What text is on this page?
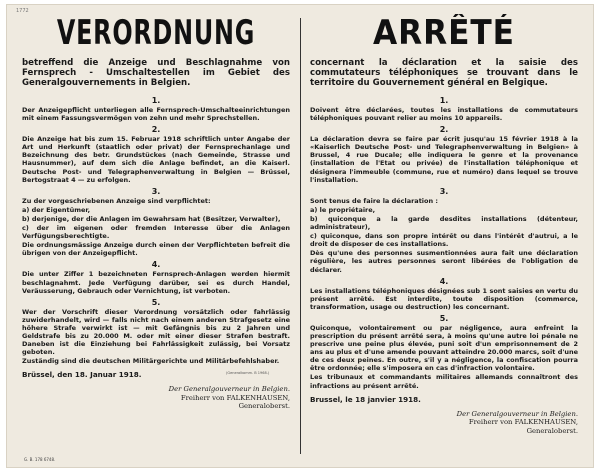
1772
VERORDNUNG
betreffend die Anzeige und Beschlagnahme von Fernsprech - Umschaltestellen im Gebiet des Generalgouvernements in Belgien.
1.
Der Anzeigepflicht unterliegen alle Fernsprech-Umschalteeinrichtungen mit einem Fassungsvermögen von zehn und mehr Sprechstellen.
2.
Die Anzeige hat bis zum 15. Februar 1918 schriftlich unter Angabe der Art und Herkunft (staatlich oder privat) der Fernsprechanlage und Bezeichnung des betr. Grundstückes (nach Gemeinde, Strasse und Hausnummer), auf dem sich die Anlage befindet, an die Kaiserl. Deutsche Post- und Telegraphenverwaltung in Belgien — Brüssel, Bertogstraat 4 — zu erfolgen.
3.
Zu der vorgeschriebenen Anzeige sind verpflichtet:
a) der Eigentümer,
b) derjenige, der die Anlagen im Gewahrsam hat (Besitzer, Verwalter),
c) der im eigenen oder fremden Interesse über die Anlagen Verfügungsberechtigte.
Die ordnungsmässige Anzeige durch einen der Verpflichteten befreit die übrigen von der Anzeigepflicht.
4.
Die unter Ziffer 1 bezeichneten Fernsprech-Anlagen werden hiermit beschlagnahmt. Jede Verfügung darüber, sei es durch Handel, Veräusserung, Gebrauch oder Vernichtung, ist verboten.
5.
Wer der Vorschrift dieser Verordnung vorsätzlich oder fahrlässig zuwiderhandelt, wird — falls nicht nach einem anderen Strafgesetz eine höhere Strafe verwirkt ist — mit Gefängnis bis zu 2 Jahren und Geldstrafe bis zu 20.000 M. oder mit einer dieser Strafen bestraft. Daneben ist die Einziehung bei Fahrlässigkeit zulässig, bei Vorsatz geboten.
Zuständig sind die deutschen Militärgerichte und Militärbefehlshaber.
Brüssel, den 18. Januar 1918.
Der Generalgouverneur in Belgien.
Freiherr von FALKENHAUSEN,
Generaloberst.
ARRÊTÉ
concernant la déclaration et la saisie des commutateurs téléphoniques se trouvant dans le territoire du Gouvernement général en Belgique.
1.
Doivent être déclarées, toutes les installations de commutateurs téléphoniques pouvant relier au moins 10 appareils.
2.
La déclaration devra se faire par écrit jusqu'au 15 février 1918 à la «Kaiserlich Deutsche Post- und Telegraphenverwaltung in Belgien» à Brussel, 4 rue Ducale; elle indiquera le genre et la provenance (installation de l'Etat ou privée) de l'installation téléphonique et désignera l'immeuble (commune, rue et numéro) dans lequel se trouve l'installation.
3.
Sont tenus de faire la déclaration :
a) le propriétaire,
b) quiconque a la garde desdites installations (détenteur, administrateur),
c) quiconque, dans son propre intérêt ou dans l'intérêt d'autrui, a le droit de disposer de ces installations.
Dès qu'une des personnes susmentionnées aura fait une déclaration régulière, les autres personnes seront libérées de l'obligation de déclarer.
4.
Les installations téléphoniques désignées sub 1 sont saisies en vertu du présent arrêté. Est interdite, toute disposition (commerce, transformation, usage ou destruction) les concernant.
5.
Quiconque, volontairement ou par négligence, aura enfreint la prescription du présent arrêté sera, à moins qu'une autre loi pénale ne prescrive une peine plus élevée, puni soit d'un emprisonnement de 2 ans au plus et d'une amende pouvant atteindre 20.000 marcs, soit d'une de ces deux peines. En outre, s'il y a négligence, la confiscation pourra être ordonnée; elle s'imposera en cas d'infraction volontaire.
Les tribunaux et commandants militaires allemands connaîtront des infractions au présent arrêté.
Brussel, le 18 janvier 1918.
Der Generalgouverneur in Belgien.
Freiherr von FALKENHAUSEN,
Generaloberst.
(Generalkomm. B 1968.)
G. B. 178 6748.
